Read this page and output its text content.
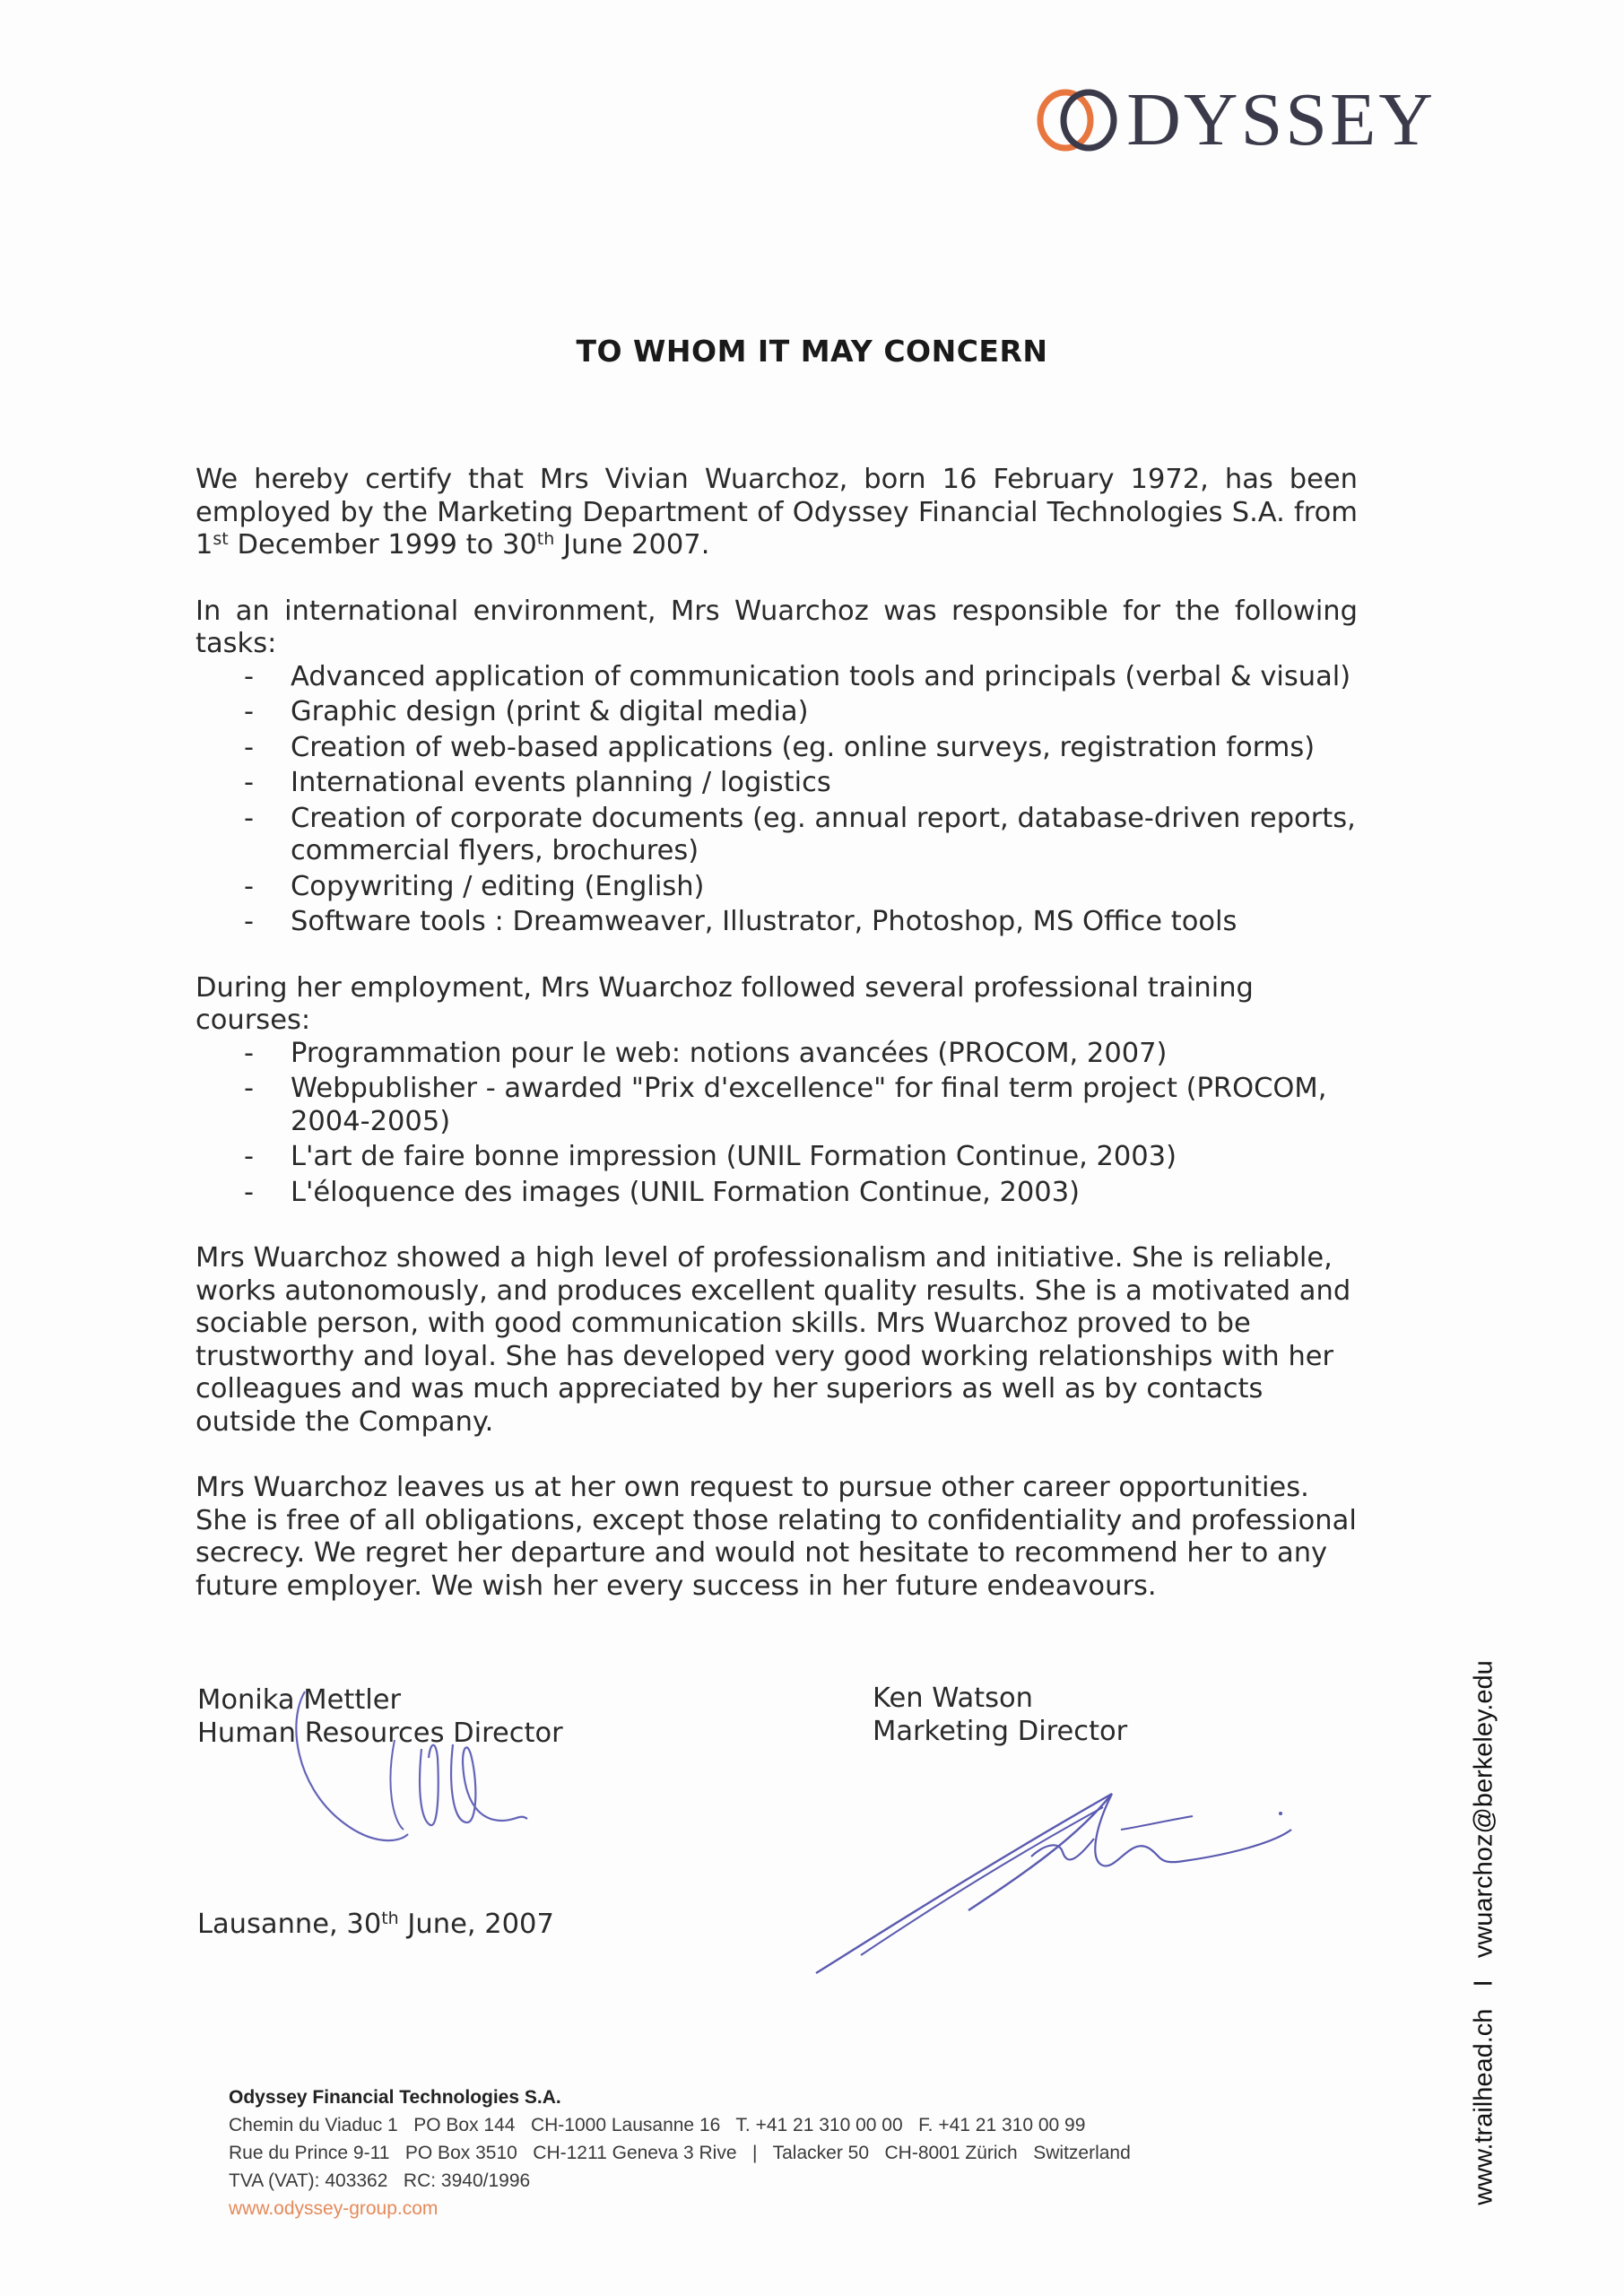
DYSSEY
TO WHOM IT MAY CONCERN

We hereby certify that Mrs Vivian Wuarchoz, born 16 February 1972, has been employed by the Marketing Department of Odyssey Financial Technologies S.A. from 1st December 1999 to 30th June 2007.

In an international environment, Mrs Wuarchoz was responsible for the following tasks:

- Advanced application of communication tools and principals (verbal & visual)
- Graphic design (print & digital media)
- Creation of web-based applications (eg. online surveys, registration forms)
- International events planning / logistics
- Creation of corporate documents (eg. annual report, database-driven reports, commercial flyers, brochures)
- Copywriting / editing (English)
- Software tools : Dreamweaver, Illustrator, Photoshop, MS Office tools

During her employment, Mrs Wuarchoz followed several professional training courses:

- Programmation pour le web: notions avancées (PROCOM, 2007)
- Webpublisher - awarded "Prix d'excellence" for final term project (PROCOM, 2004-2005)
- L'art de faire bonne impression (UNIL Formation Continue, 2003)
- L'éloquence des images (UNIL Formation Continue, 2003)

Mrs Wuarchoz showed a high level of professionalism and initiative. She is reliable, works autonomously, and produces excellent quality results. She is a motivated and sociable person, with good communication skills. Mrs Wuarchoz proved to be trustworthy and loyal. She has developed very good working relationships with her colleagues and was much appreciated by her superiors as well as by contacts outside the Company.

Mrs Wuarchoz leaves us at her own request to pursue other career opportunities. She is free of all obligations, except those relating to confidentiality and professional secrecy. We regret her departure and would not hesitate to recommend her to any future employer. We wish her every success in her future endeavours.

Monika Mettler
Human Resources Director
Ken Watson
Marketing Director
Lausanne, 30th June, 2007
Odyssey Financial Technologies S.A.
Chemin du Viaduc 1   PO Box 144   CH-1000 Lausanne 16   T. +41 21 310 00 00   F. +41 21 310 00 99
Rue du Prince 9-11   PO Box 3510   CH-1211 Geneva 3 Rive   |   Talacker 50   CH-8001 Zürich   Switzerland
TVA (VAT): 403362   RC: 3940/1996
www.odyssey-group.com
www.trailhead.ch   I   vwuarchoz@berkeley.edu
